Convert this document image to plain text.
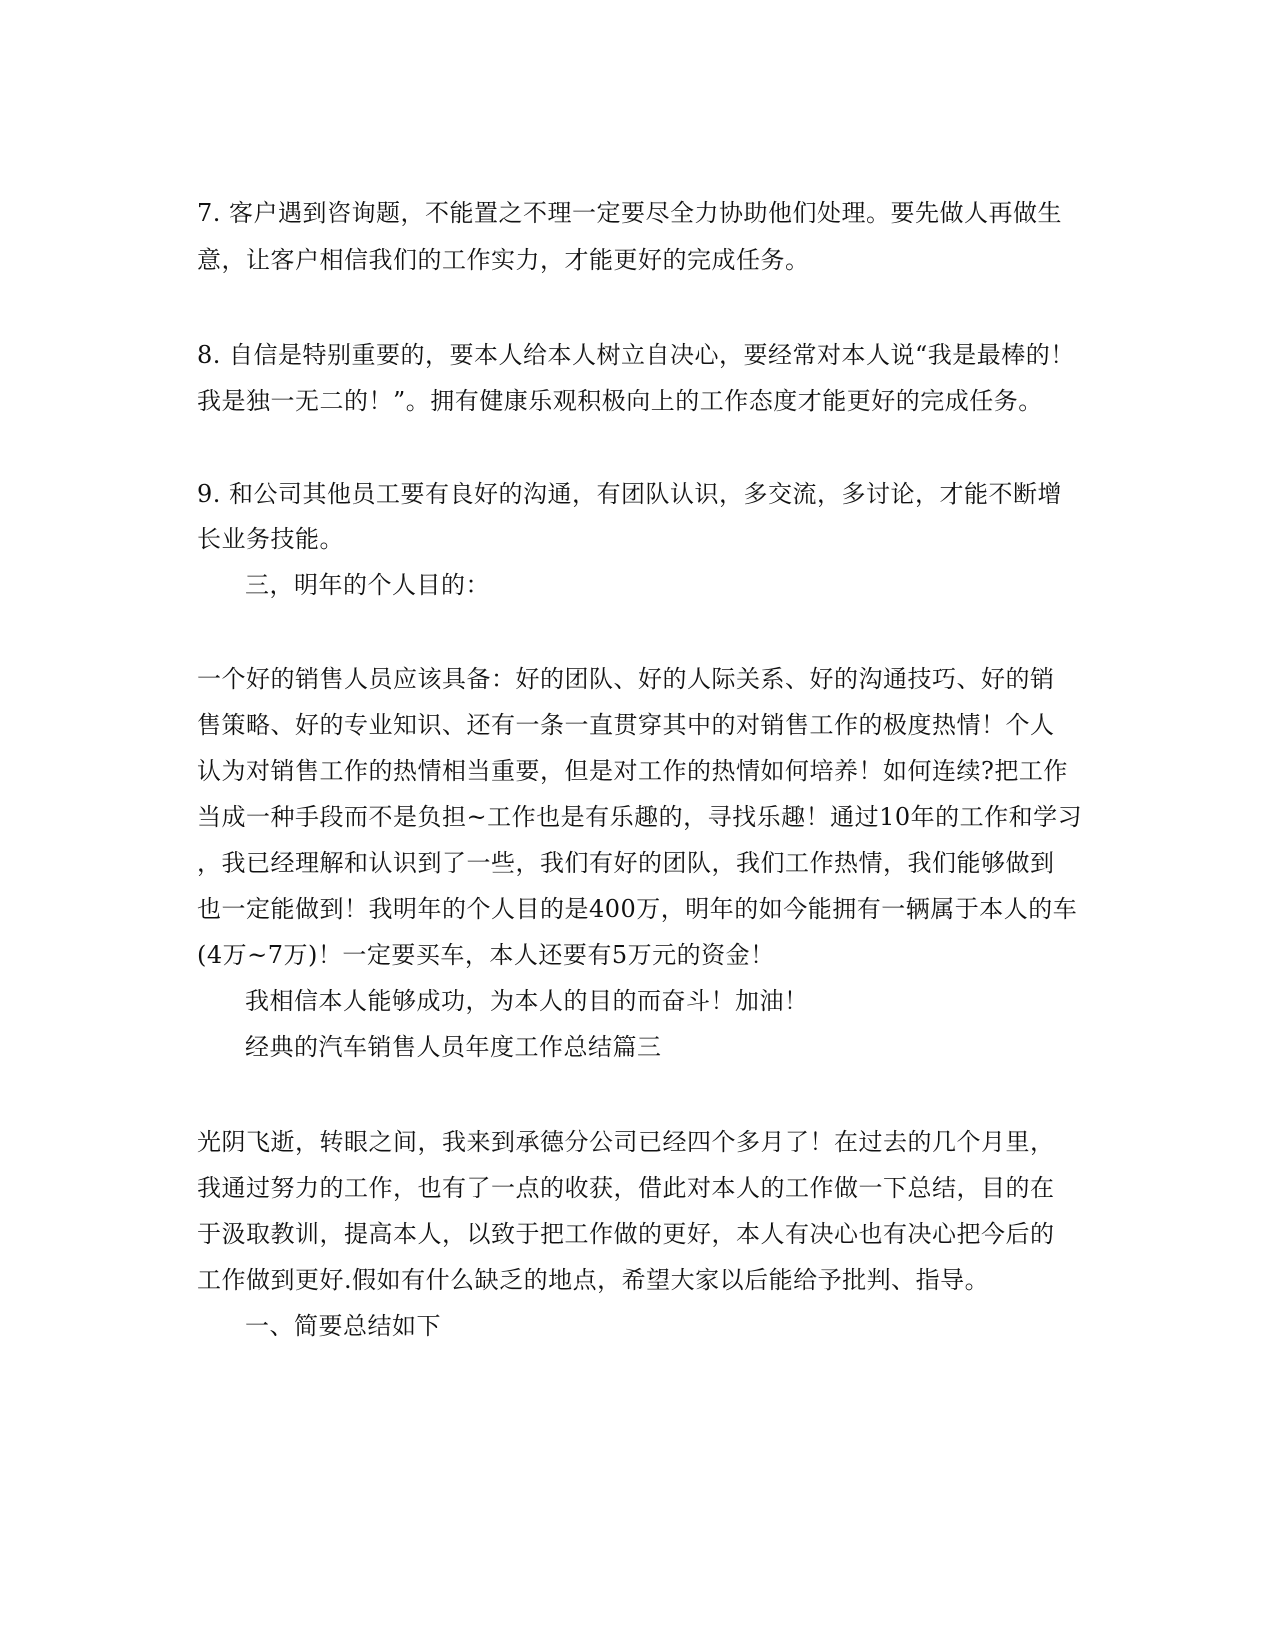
7. 客户遇到咨询题，不能置之不理一定要尽全力协助他们处理。要先做人再做生
意，让客户相信我们的工作实力，才能更好的完成任务。
8. 自信是特别重要的，要本人给本人树立自决心，要经常对本人说“我是最棒的！
我是独一无二的！”。拥有健康乐观积极向上的工作态度才能更好的完成任务。
9. 和公司其他员工要有良好的沟通，有团队认识，多交流，多讨论，才能不断增
长业务技能。
三，明年的个人目的：
一个好的销售人员应该具备：好的团队、好的人际关系、好的沟通技巧、好的销
售策略、好的专业知识、还有一条一直贯穿其中的对销售工作的极度热情！个人
认为对销售工作的热情相当重要，但是对工作的热情如何培养！如何连续?把工作
当成一种手段而不是负担~工作也是有乐趣的，寻找乐趣！通过10年的工作和学习
，我已经理解和认识到了一些，我们有好的团队，我们工作热情，我们能够做到
也一定能做到！我明年的个人目的是400万，明年的如今能拥有一辆属于本人的车
(4万~7万)！一定要买车，本人还要有5万元的资金！
我相信本人能够成功，为本人的目的而奋斗！加油！
经典的汽车销售人员年度工作总结篇三
光阴飞逝，转眼之间，我来到承德分公司已经四个多月了！在过去的几个月里，
我通过努力的工作，也有了一点的收获，借此对本人的工作做一下总结，目的在
于汲取教训，提高本人，以致于把工作做的更好，本人有决心也有决心把今后的
工作做到更好.假如有什么缺乏的地点，希望大家以后能给予批判、指导。
一、简要总结如下
